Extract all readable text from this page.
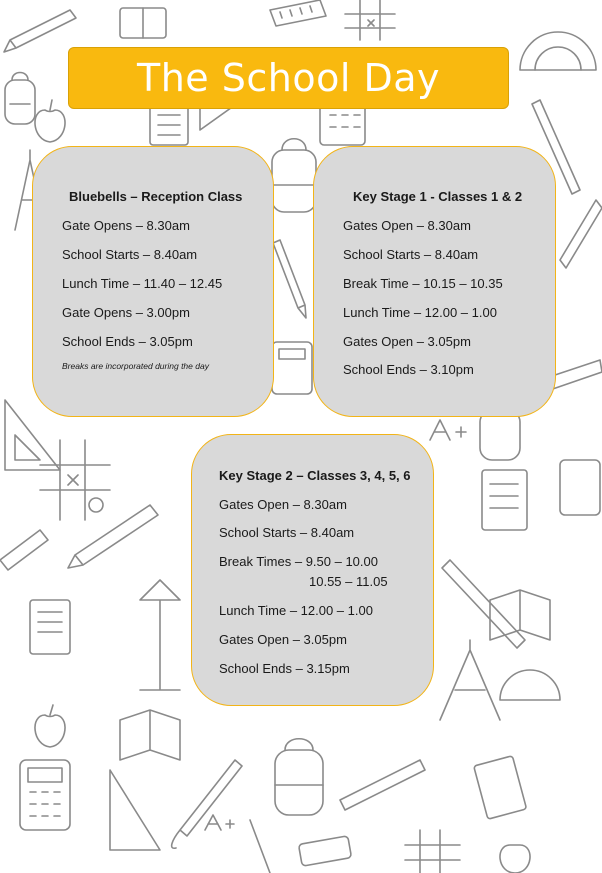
The School Day
Bluebells – Reception Class
Gate Opens – 8.30am
School Starts – 8.40am
Lunch Time – 11.40 – 12.45
Gate Opens – 3.00pm
School Ends – 3.05pm
Breaks are incorporated during the day
Key Stage 1 - Classes 1 & 2
Gates Open – 8.30am
School Starts – 8.40am
Break Time – 10.15 – 10.35
Lunch Time – 12.00 – 1.00
Gates Open – 3.05pm
School Ends – 3.10pm
Key Stage 2 – Classes 3, 4, 5, 6
Gates Open – 8.30am
School Starts – 8.40am
Break Times – 9.50 – 10.00
10.55 – 11.05
Lunch Time – 12.00 – 1.00
Gates Open – 3.05pm
School Ends – 3.15pm
